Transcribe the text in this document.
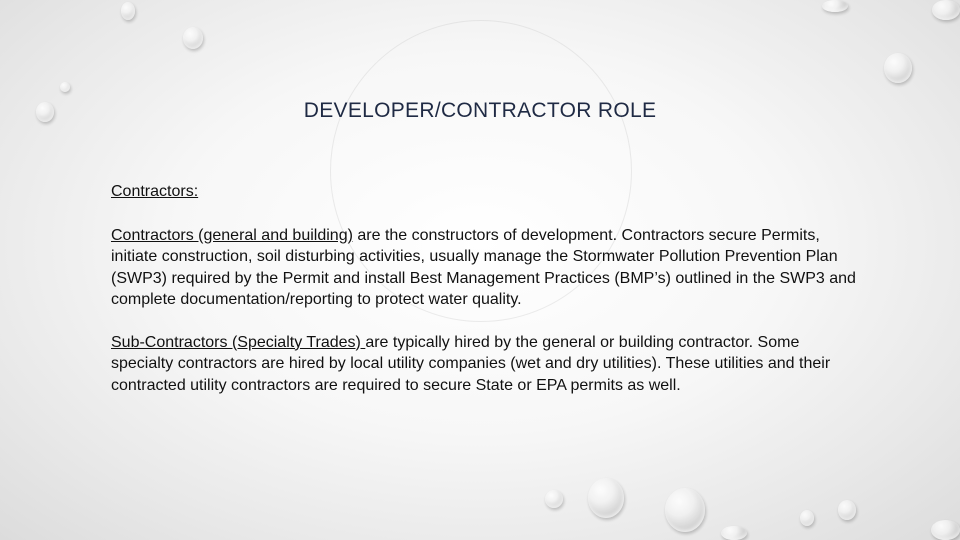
DEVELOPER/CONTRACTOR ROLE

Contractors:

Contractors (general and building) are the constructors of development. Contractors secure Permits, initiate construction, soil disturbing activities, usually manage the Stormwater Pollution Prevention Plan (SWP3) required by the Permit and install Best Management Practices (BMP’s) outlined in the SWP3 and complete documentation/reporting to protect water quality.

Sub-Contractors (Specialty Trades) are typically hired by the general or building contractor. Some specialty contractors are hired by local utility companies (wet and dry utilities). These utilities and their contracted utility contractors are required to secure State or EPA permits as well.
